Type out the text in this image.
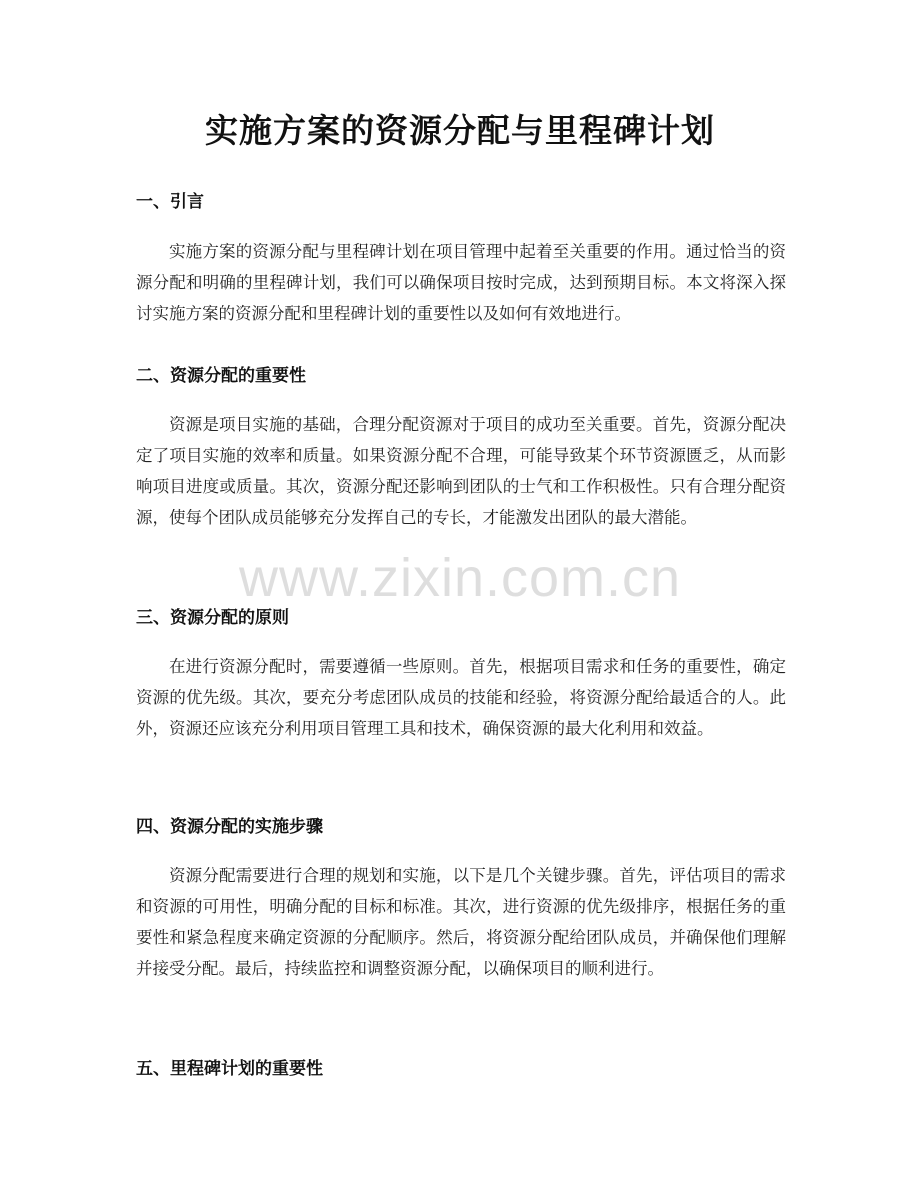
实施方案的资源分配与里程碑计划
一、引言
实施方案的资源分配与里程碑计划在项目管理中起着至关重要的作用。通过恰当的资源分配和明确的里程碑计划，我们可以确保项目按时完成，达到预期目标。本文将深入探讨实施方案的资源分配和里程碑计划的重要性以及如何有效地进行。
二、资源分配的重要性
资源是项目实施的基础，合理分配资源对于项目的成功至关重要。首先，资源分配决定了项目实施的效率和质量。如果资源分配不合理，可能导致某个环节资源匮乏，从而影响项目进度或质量。其次，资源分配还影响到团队的士气和工作积极性。只有合理分配资源，使每个团队成员能够充分发挥自己的专长，才能激发出团队的最大潜能。
三、资源分配的原则
在进行资源分配时，需要遵循一些原则。首先，根据项目需求和任务的重要性，确定资源的优先级。其次，要充分考虑团队成员的技能和经验，将资源分配给最适合的人。此外，资源还应该充分利用项目管理工具和技术，确保资源的最大化利用和效益。
四、资源分配的实施步骤
资源分配需要进行合理的规划和实施，以下是几个关键步骤。首先，评估项目的需求和资源的可用性，明确分配的目标和标准。其次，进行资源的优先级排序，根据任务的重要性和紧急程度来确定资源的分配顺序。然后，将资源分配给团队成员，并确保他们理解并接受分配。最后，持续监控和调整资源分配，以确保项目的顺利进行。
五、里程碑计划的重要性
www.zixin.com.cn
